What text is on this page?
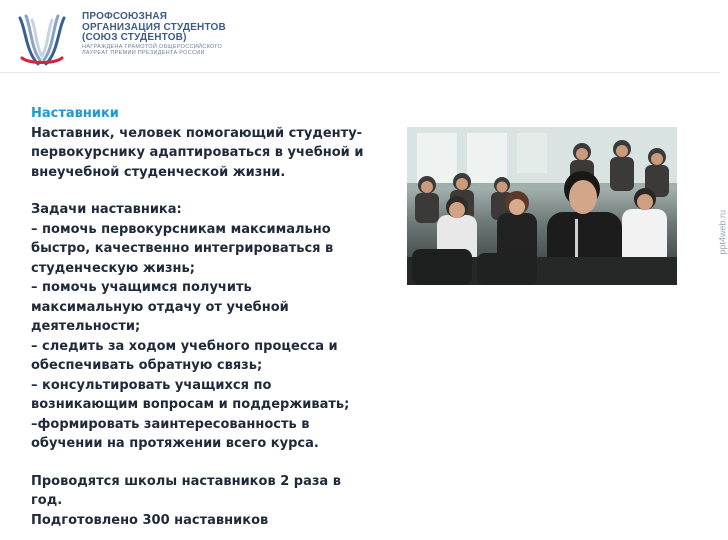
ПРОФСОЮЗНАЯ
ОРГАНИЗАЦИЯ СТУДЕНТОВ
(СОЮЗ СТУДЕНТОВ)
НАГРАЖДЕНА ГРАМОТОЙ ОБЩЕРОССИЙСКОГО
ЛАУРЕАТ ПРЕМИИ ПРЕЗИДЕНТА РОССИИ
Наставники
Наставник, человек помогающий студенту-
первокурснику адаптироваться в учебной и
внеучебной студенческой жизни.
Задачи наставника:
– помочь первокурсникам максимально
быстро, качественно интегрироваться в
студенческую жизнь;
– помочь учащимся получить
максимальную отдачу от учебной
деятельности;
– следить за ходом учебного процесса и
обеспечивать обратную связь;
– консультировать учащихся по
возникающим вопросам и поддерживать;
–формировать заинтересованность в
обучении на протяжении всего курса.
Проводятся школы наставников 2 раза в
год.
Подготовлено 300 наставников
ppt4web.ru
